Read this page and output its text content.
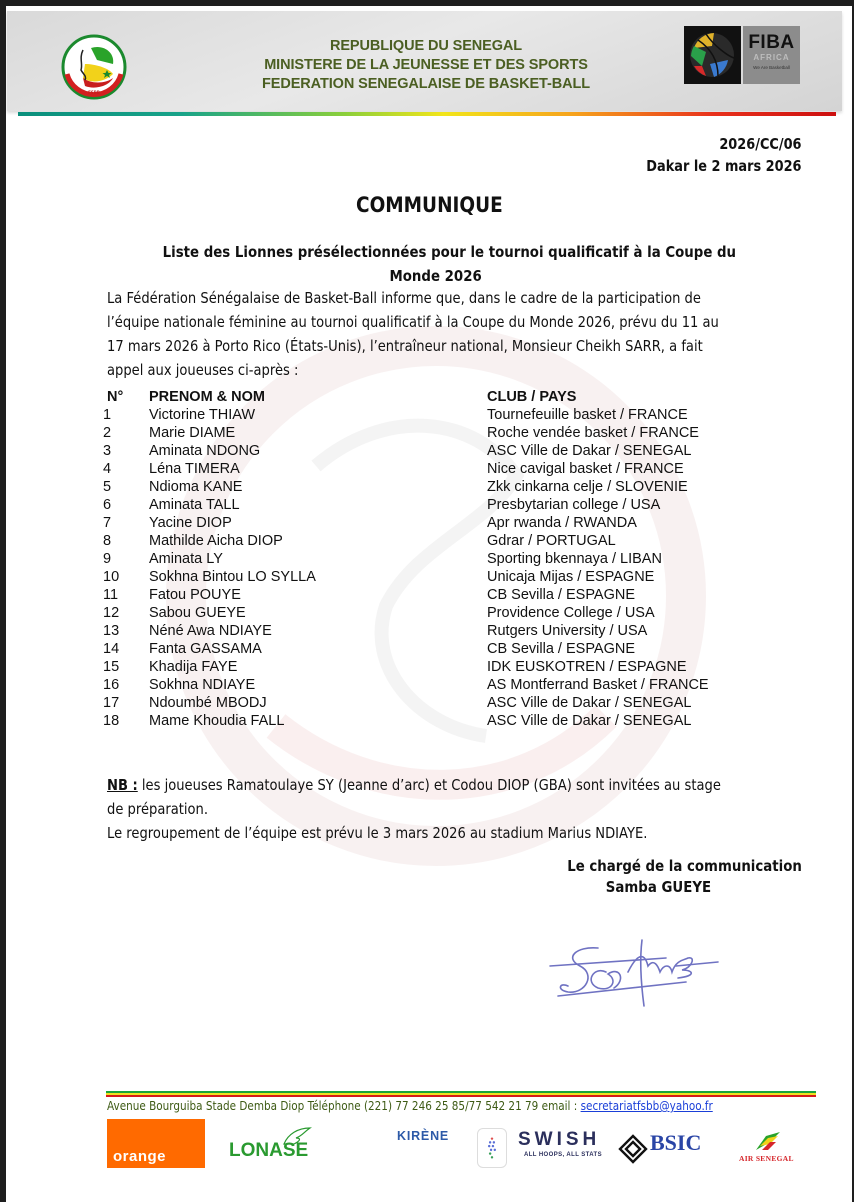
FSBB
REPUBLIQUE DU SENEGAL
MINISTERE DE LA JEUNESSE ET DES SPORTS
FEDERATION SENEGALAISE DE BASKET-BALL
FIBA
AFRICA
We Are Basketball
2026/CC/06
Dakar le 2 mars 2026
COMMUNIQUE
Liste des Lionnes présélectionnées pour le tournoi qualificatif à la Coupe du
Monde 2026
La Fédération Sénégalaise de Basket-Ball informe que, dans le cadre de la participation de
l’équipe nationale féminine au tournoi qualificatif à la Coupe du Monde 2026, prévu du 11 au
17 mars 2026 à Porto Rico (États-Unis), l’entraîneur national, Monsieur Cheikh SARR, a fait
appel aux joueuses ci-après :
N° PRENOM & NOM	CLUB / PAYS
1	Victorine THIAW	Tournefeuille basket / FRANCE
2	Marie DIAME	Roche vendée basket / FRANCE
3	Aminata NDONG	ASC Ville de Dakar / SENEGAL
4	Léna TIMERA	Nice cavigal basket / FRANCE
5	Ndioma KANE	Zkk cinkarna celje / SLOVENIE
6	Aminata TALL	Presbytarian college / USA
7	Yacine DIOP	Apr rwanda / RWANDA
8	Mathilde Aicha DIOP	Gdrar / PORTUGAL
9	Aminata LY	Sporting bkennaya / LIBAN
10 Sokhna Bintou LO SYLLA	Unicaja Mijas / ESPAGNE
11 Fatou POUYE	CB Sevilla / ESPAGNE
12 Sabou GUEYE	Providence College / USA
13 Néné Awa NDIAYE	Rutgers University / USA
14 Fanta GASSAMA	CB Sevilla / ESPAGNE
15 Khadija FAYE	IDK EUSKOTREN / ESPAGNE
16 Sokhna NDIAYE	AS Montferrand Basket / FRANCE
17 Ndoumbé MBODJ	ASC Ville de Dakar / SENEGAL
18 Mame Khoudia FALL	ASC Ville de Dakar / SENEGAL
NB : les joueuses Ramatoulaye SY (Jeanne d’arc) et Codou DIOP (GBA) sont invitées au stage
de préparation.
Le regroupement de l’équipe est prévu le 3 mars 2026 au stadium Marius NDIAYE.
Le chargé de la communication
Samba GUEYE
Avenue Bourguiba Stade Demba Diop Téléphone (221) 77 246 25 85/77 542 21 79 email : secretariatfsbb@yahoo.fr
orange	LONASE
KIRÈNE	SWISH
ALL HOOPS, ALL STATS BSIC
AIR SENEGAL
